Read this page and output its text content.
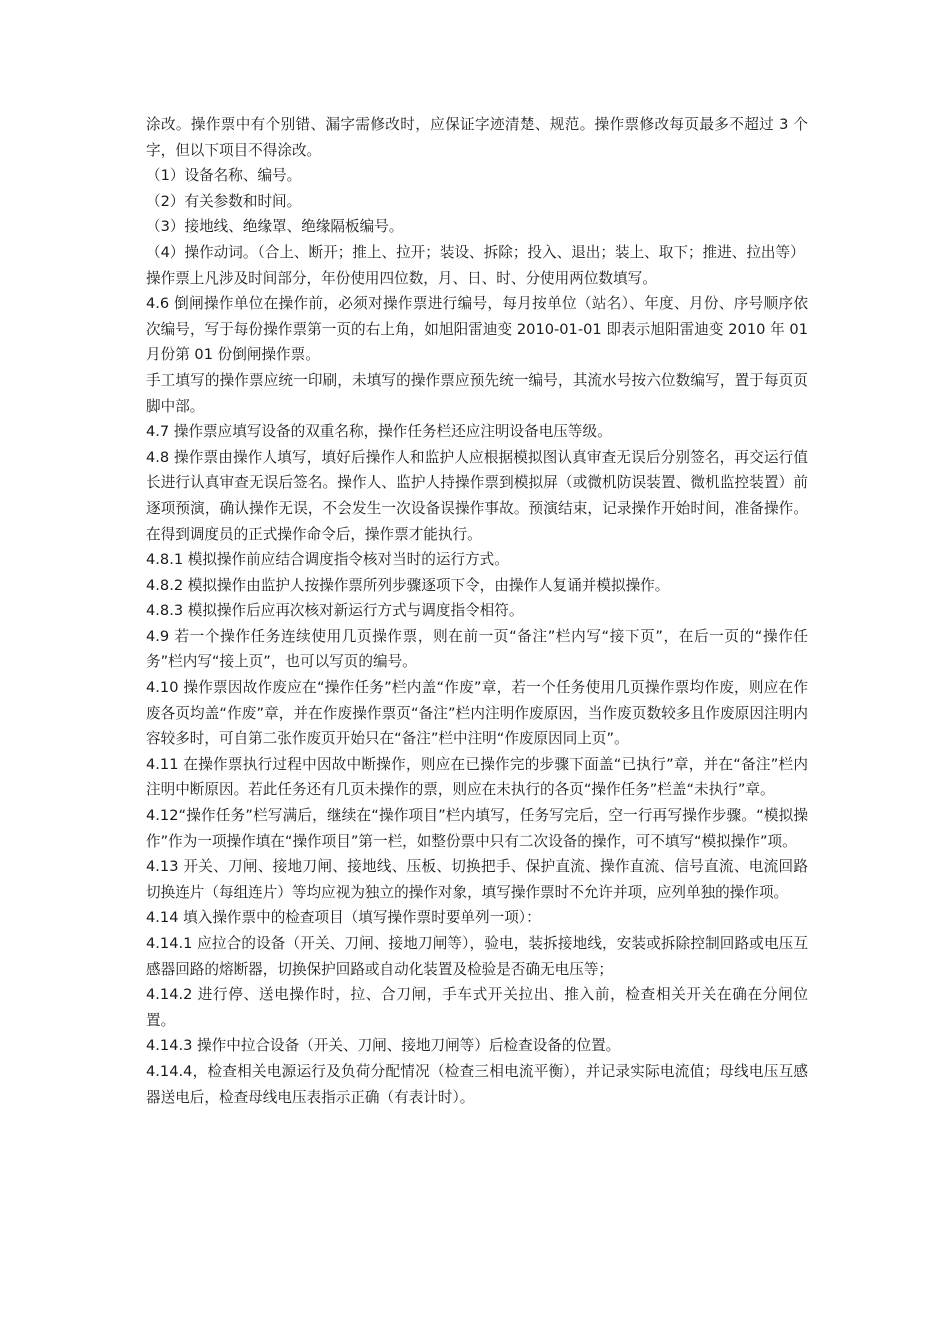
涂改。操作票中有个别错、漏字需修改时，应保证字迹清楚、规范。操作票修改每页最多不超过 3 个字，但以下项目不得涂改。

（1）设备名称、编号。

（2）有关参数和时间。

（3）接地线、绝缘罩、绝缘隔板编号。

（4）操作动词。（合上、断开；推上、拉开；装设、拆除；投入、退出；装上、取下；推进、拉出等）

操作票上凡涉及时间部分，年份使用四位数，月、日、时、分使用两位数填写。

4.6 倒闸操作单位在操作前，必须对操作票进行编号，每月按单位（站名）、年度、月份、序号顺序依次编号，写于每份操作票第一页的右上角，如旭阳雷迪变 2010-01-01 即表示旭阳雷迪变 2010 年 01 月份第 01 份倒闸操作票。

手工填写的操作票应统一印刷，未填写的操作票应预先统一编号，其流水号按六位数编写，置于每页页脚中部。

4.7 操作票应填写设备的双重名称，操作任务栏还应注明设备电压等级。

4.8 操作票由操作人填写，填好后操作人和监护人应根据模拟图认真审查无误后分别签名，再交运行值长进行认真审查无误后签名。操作人、监护人持操作票到模拟屏（或微机防误装置、微机监控装置）前逐项预演，确认操作无误，不会发生一次设备误操作事故。预演结束，记录操作开始时间，准备操作。在得到调度员的正式操作命令后，操作票才能执行。

4.8.1 模拟操作前应结合调度指令核对当时的运行方式。

4.8.2 模拟操作由监护人按操作票所列步骤逐项下令，由操作人复诵并模拟操作。

4.8.3 模拟操作后应再次核对新运行方式与调度指令相符。

4.9 若一个操作任务连续使用几页操作票，则在前一页“备注”栏内写“接下页”，在后一页的“操作任务”栏内写“接上页”，也可以写页的编号。

4.10 操作票因故作废应在“操作任务”栏内盖“作废”章，若一个任务使用几页操作票均作废，则应在作废各页均盖“作废”章，并在作废操作票页“备注”栏内注明作废原因，当作废页数较多且作废原因注明内容较多时，可自第二张作废页开始只在“备注”栏中注明“作废原因同上页”。

4.11 在操作票执行过程中因故中断操作，则应在已操作完的步骤下面盖“已执行”章，并在“备注”栏内注明中断原因。若此任务还有几页未操作的票，则应在未执行的各页“操作任务”栏盖“未执行”章。

4.12“操作任务”栏写满后，继续在“操作项目”栏内填写，任务写完后，空一行再写操作步骤。“模拟操作”作为一项操作填在“操作项目”第一栏，如整份票中只有二次设备的操作，可不填写“模拟操作”项。

4.13 开关、刀闸、接地刀闸、接地线、压板、切换把手、保护直流、操作直流、信号直流、电流回路切换连片（每组连片）等均应视为独立的操作对象，填写操作票时不允许并项，应列单独的操作项。

4.14 填入操作票中的检查项目（填写操作票时要单列一项）：

4.14.1 应拉合的设备（开关、刀闸、接地刀闸等），验电，装拆接地线，安装或拆除控制回路或电压互感器回路的熔断器，切换保护回路或自动化装置及检验是否确无电压等；

4.14.2 进行停、送电操作时，拉、合刀闸，手车式开关拉出、推入前，检查相关开关在确在分闸位置。

4.14.3 操作中拉合设备（开关、刀闸、接地刀闸等）后检查设备的位置。

4.14.4，检查相关电源运行及负荷分配情况（检查三相电流平衡），并记录实际电流值；母线电压互感器送电后，检查母线电压表指示正确（有表计时）。
